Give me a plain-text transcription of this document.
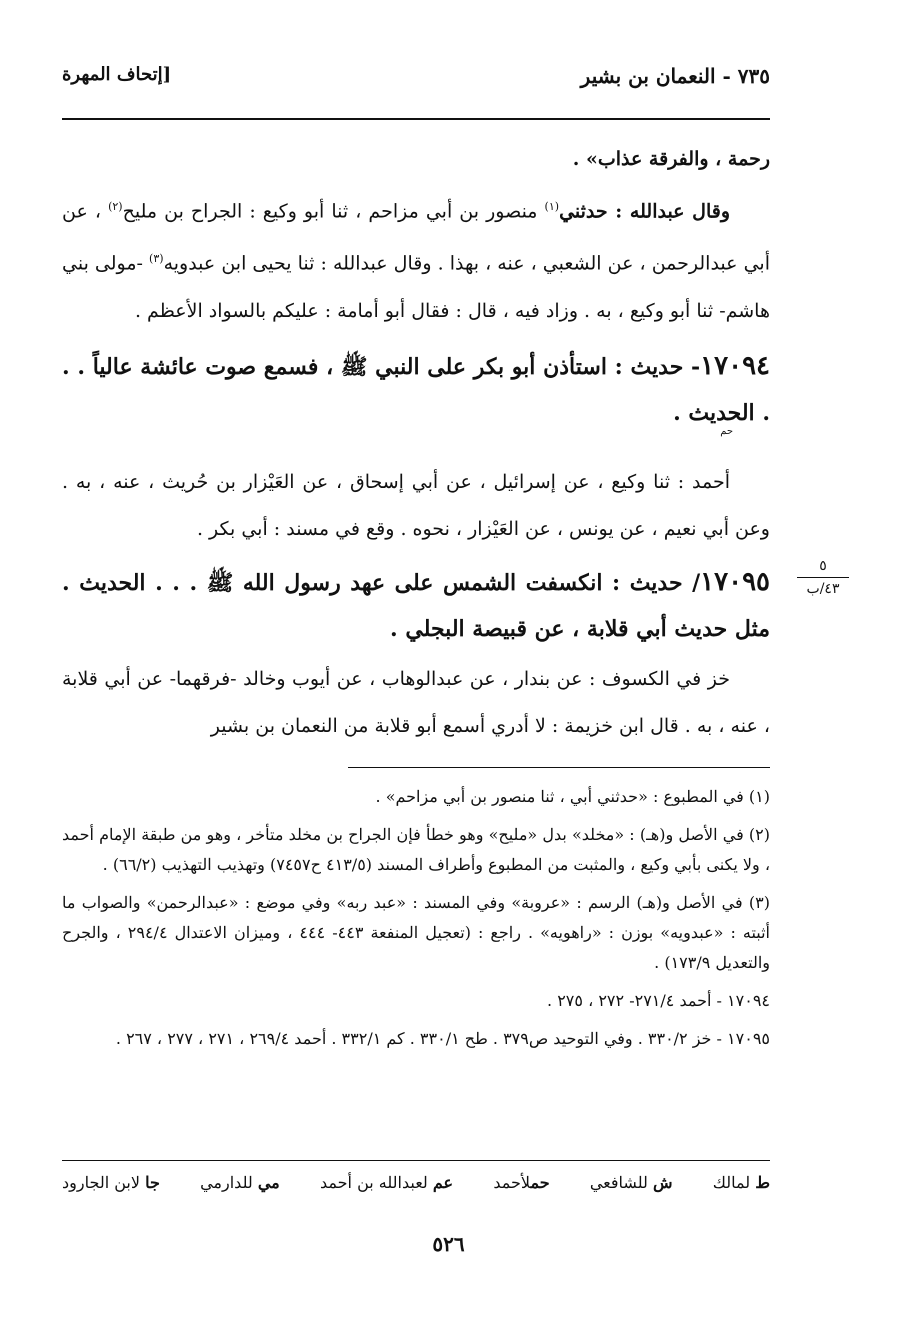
٧٣٥ - النعمان بن بشير
[إتحاف المهرة

رحمة ، والفرقة عذاب» .

وقال عبدالله : حدثني$^{(١)}$ منصور بن أبي مزاحم ، ثنا أبو وكيع : الجراح بن مليح$^{(٢)}$ ، عن أبي عبدالرحمن ، عن الشعبي ، عنه ، بهذا . وقال عبدالله : ثنا يحيى ابن عبدويه$^{(٣)}$ -مولى بني هاشم- ثنا أبو وكيع ، به . وزاد فيه ، قال : فقال أبو أمامة : عليكم بالسواد الأعظم .

١٧٠٩٤- حديث : استأذن أبو بكر على النبي ﷺ ، فسمع صوت عائشة عالياً . . . الحديث .حم

أحمد : ثنا وكيع ، عن إسرائيل ، عن أبي إسحاق ، عن العَيْزار بن حُريث ، عنه ، به . وعن أبي نعيم ، عن يونس ، عن العَيْزار ، نحوه . وقع في مسند : أبي بكر .

١٧٠٩٥/ حديث : انكسفت الشمس على عهد رسول الله ﷺ . . . الحديث . مثل حديث أبي قلابة ، عن قبيصة البجلي .

خز في الكسوف : عن بندار ، عن عبدالوهاب ، عن أيوب وخالد -فرقهما- عن أبي قلابة ، عنه ، به . قال ابن خزيمة : لا أدري أسمع أبو قلابة من النعمان بن بشير

٥
٤٣/ب

(١) في المطبوع : «حدثني أبي ، ثنا منصور بن أبي مزاحم» .

(٢) في الأصل و(هـ) : «مخلد» بدل «مليح» وهو خطأ فإن الجراح بن مخلد متأخر ، وهو من طبقة الإمام أحمد ، ولا يكنى بأبي وكيع ، والمثبت من المطبوع وأطراف المسند (٤١٣/٥ ح٧٤٥٧) وتهذيب التهذيب (٦٦/٢) .

(٣) في الأصل و(هـ) الرسم : «عروبة» وفي المسند : «عبد ربه» وفي موضع : «عبدالرحمن» والصواب ما أثبته : «عبدويه» بوزن : «راهويه» . راجع : (تعجيل المنفعة ٤٤٣- ٤٤٤ ، وميزان الاعتدال ٢٩٤/٤ ، والجرح والتعديل ١٧٣/٩) .

١٧٠٩٤ - أحمد ٢٧١/٤- ٢٧٢ ، ٢٧٥ .

١٧٠٩٥ - خز ٣٣٠/٢ . وفي التوحيد ص٣٧٩ . طح ٣٣٠/١ . كم ٣٣٢/١ . أحمد ٢٦٩/٤ ، ٢٧١ ، ٢٧٧ ، ٢٦٧ .

ط لمالك
ش للشافعي
حملأحمد
عم لعبدالله بن أحمد
مي للدارمي
جا لابن الجارود
٥٢٦
